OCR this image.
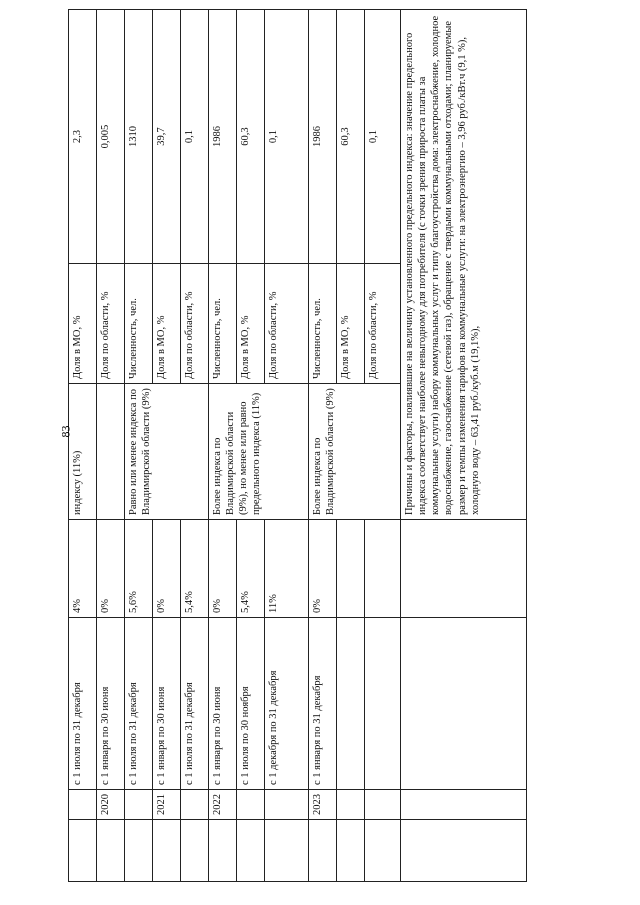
		с 1 июля по 31 декабря	4%	индексу (11%)	Доля в МО, %	2,3
	2020	с 1 января по 30 июня	0%		Доля по области, %	0,005
		с 1 июля по 31 декабря	5,6%	Равно или менее индекса по Владимирской области (9%)	Численность, чел.	1310
	2021	с 1 января по 30 июня	0%		Доля в МО, %	39,7
		с 1 июля по 31 декабря	5,4%		Доля по области, %	0,1
	2022	с 1 января по 30 июня	0%	Более индекса по Владимирской области (9%), но менее или равно предельного индекса (11%)	Численность, чел.	1986
		с 1 июля по 30 ноября	5,4%		Доля в МО, %	60,3
		с 1 декабря по 31 декабря	11%		Доля по области, %	0,1
	2023	с 1 января по 31 декабря	0%	Более индекса по Владимирской области (9%)	Численность, чел.	1986
					Доля в МО, %	60,3
					Доля по области, %	0,1
				Причины и факторы, повлиявшие на величину установленного предельного индекса: значение предельного индекса соответствует наиболее невыгодному для потребителя (с точки зрения прироста платы за коммунальные услуги) набору коммунальных услуг и типу благоустройства дома: электроснабжение, холодное водоснабжение, газоснабжение (сетевой газ), обращение с твердыми коммунальными отходами; планируемые размер и темпы изменения тарифов на коммунальные услуги: на электроэнергию – 3,96 руб./кВт.ч (9,1 %), холодную воду – 63,41 руб./куб.м (19,1%),		
83
